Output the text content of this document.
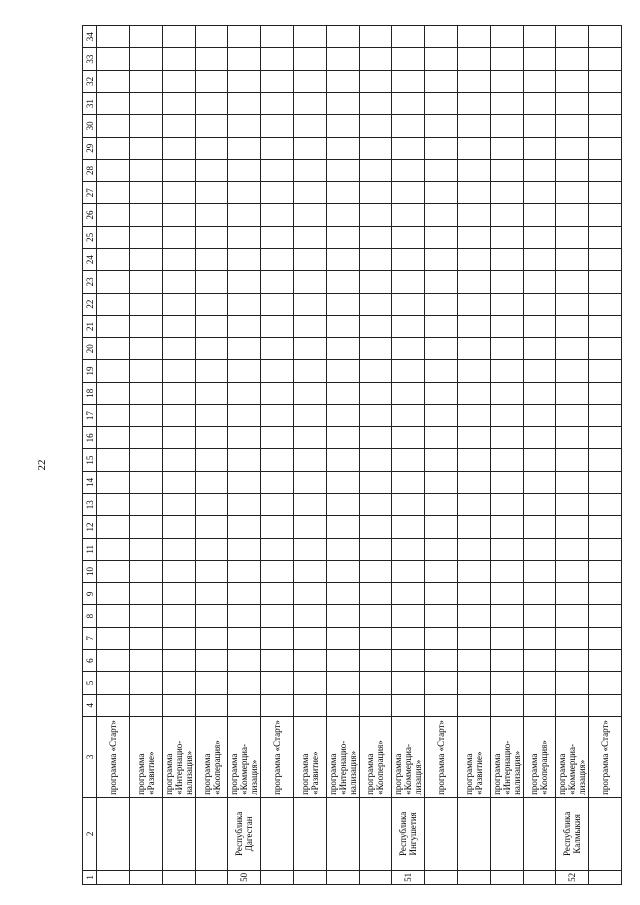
22
1	2	3	4	5	6	7	8	9	10	11	12	13	14	15	16	17	18	19	20	21	22	23	24	25	26	27	28	29	30	31	32	33	34
		программа «Старт»																															
		программа «Развитие»																															
		программа «Интернацио-нализация»																															
		программа «Кооперация»																															
50	Республика Дагестан	программа «Коммерциа-лизация»																															
		программа «Старт»																															
		программа «Развитие»																															
		программа «Интернацио-нализация»																															
		программа «Кооперация»																															
51	Республика Ингушетия	программа «Коммерциа-лизация»																															
		программа «Старт»																															
		программа «Развитие»																															
		программа «Интернацио-нализация»																															
		программа «Кооперация»																															
52	Республика Калмыкия	программа «Коммерциа-лизация»																															
		программа «Старт»																															
